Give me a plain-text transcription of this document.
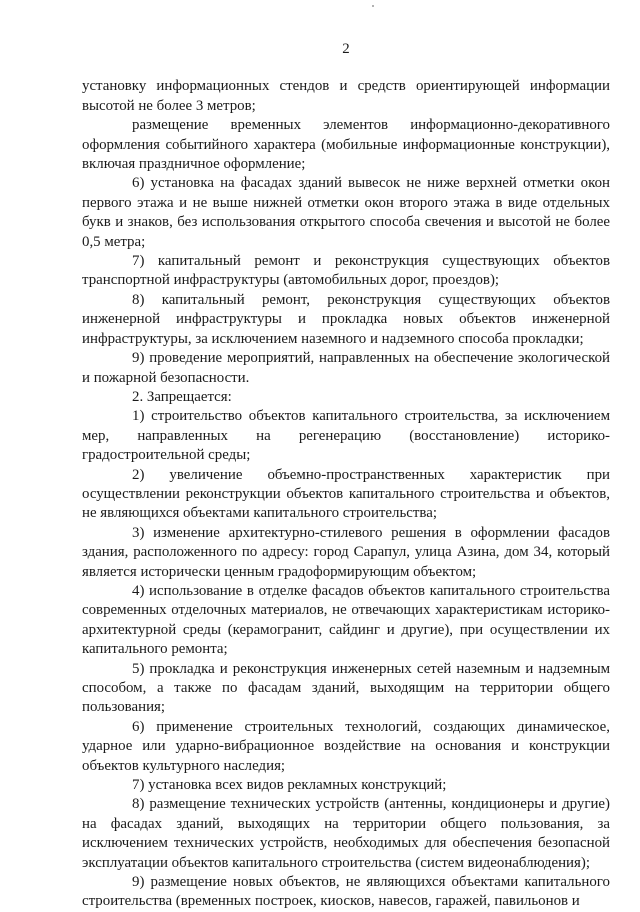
2

установку информационных стендов и средств ориентирующей информации высотой не более 3 метров;

размещение временных элементов информационно-декоративного оформления событийного характера (мобильные информационные конструкции), включая праздничное оформление;

6) установка на фасадах зданий вывесок не ниже верхней отметки окон первого этажа и не выше нижней отметки окон второго этажа в виде отдельных букв и знаков, без использования открытого способа свечения и высотой не более 0,5 метра;

7) капитальный ремонт и реконструкция существующих объектов транспортной инфраструктуры (автомобильных дорог, проездов);

8) капитальный ремонт, реконструкция существующих объектов инженерной инфраструктуры и прокладка новых объектов инженерной инфраструктуры, за исключением наземного и надземного способа прокладки;

9) проведение мероприятий, направленных на обеспечение экологической и пожарной безопасности.

2. Запрещается:

1) строительство объектов капитального строительства, за исключением мер, направленных на регенерацию (восстановление) историко-градостроительной среды;

2) увеличение объемно-пространственных характеристик при осуществлении реконструкции объектов капитального строительства и объектов, не являющихся объектами капитального строительства;

3) изменение архитектурно-стилевого решения в оформлении фасадов здания, расположенного по адресу: город Сарапул, улица Азина, дом 34, который является исторически ценным градоформирующим объектом;

4) использование в отделке фасадов объектов капитального строительства современных отделочных материалов, не отвечающих характеристикам историко-архитектурной среды (керамогранит, сайдинг и другие), при осуществлении их капитального ремонта;

5) прокладка и реконструкция инженерных сетей наземным и надземным способом, а также по фасадам зданий, выходящим на территории общего пользования;

6) применение строительных технологий, создающих динамическое, ударное или ударно-вибрационное воздействие на основания и конструкции объектов культурного наследия;

7) установка всех видов рекламных конструкций;

8) размещение технических устройств (антенны, кондиционеры и другие) на фасадах зданий, выходящих на территории общего пользования, за исключением технических устройств, необходимых для обеспечения безопасной эксплуатации объектов капитального строительства (систем видеонаблюдения);

9) размещение новых объектов, не являющихся объектами капитального строительства (временных построек, киосков, навесов, гаражей, павильонов и
